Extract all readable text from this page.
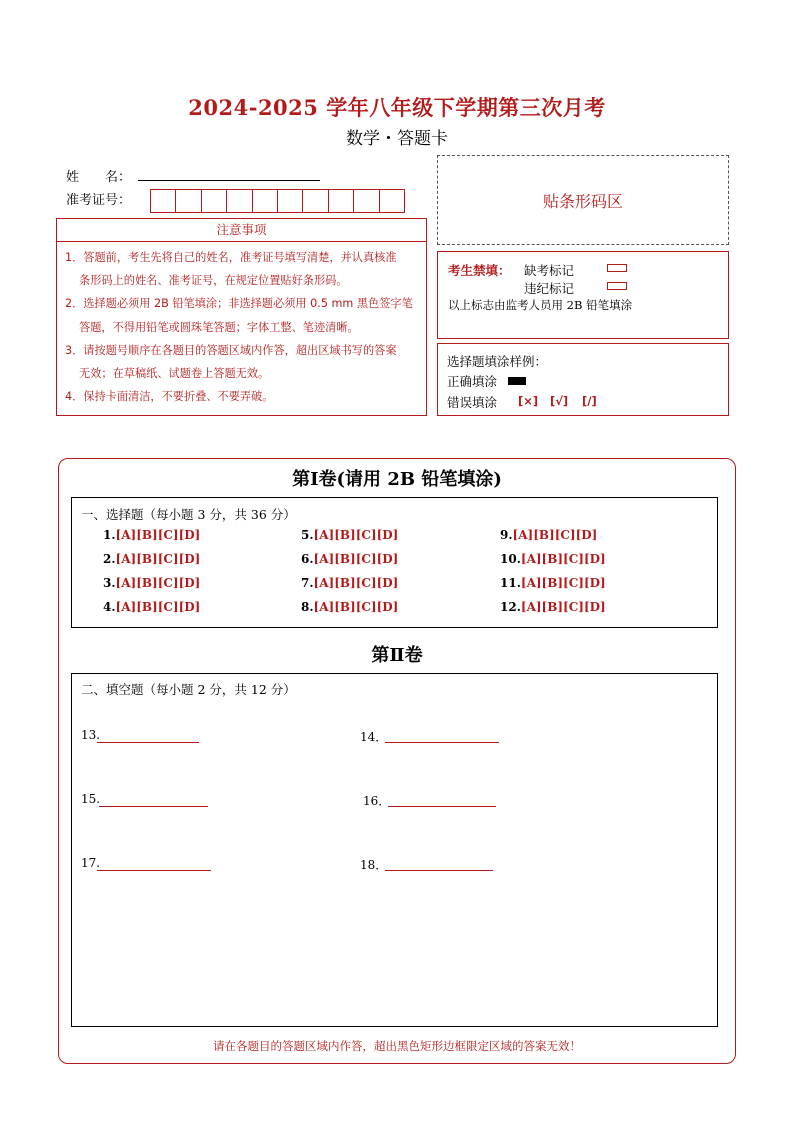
2024-2025 学年八年级下学期第三次月考
数学・答题卡
姓　　名：
准考证号：	贴条形码区
注意事项
1．答题前，考生先将自己的姓名，准考证号填写清楚，并认真核准
条形码上的姓名、准考证号，在规定位置贴好条形码。
2．选择题必须用 2B 铅笔填涂；非选择题必须用 0.5 mm 黑色签字笔
答题，不得用铅笔或圆珠笔答题；字体工整、笔迹清晰。
3．请按题号顺序在各题目的答题区域内作答，超出区域书写的答案
无效；在草稿纸、试题卷上答题无效。
4．保持卡面清洁，不要折叠、不要弄破。
考生禁填： 缺考标记
违纪标记
以上标志由监考人员用 2B 铅笔填涂
选择题填涂样例：
正确填涂
错误填涂 [×] [√] [/]
第Ⅰ卷(请用 2B 铅笔填涂)
一、选择题（每小题 3 分，共 36 分）
1.[A][B][C][D]
2.[A][B][C][D]
3.[A][B][C][D]
4.[A][B][C][D]
5.[A][B][C][D]
6.[A][B][C][D]
7.[A][B][C][D]
8.[A][B][C][D]
9.[A][B][C][D]
10.[A][B][C][D]
11.[A][B][C][D]
12.[A][B][C][D]
第Ⅱ卷
二、填空题（每小题 2 分，共 12 分）
13.	14．
15.	16．
17.	18．
请在各题目的答题区域内作答，超出黑色矩形边框限定区域的答案无效！
